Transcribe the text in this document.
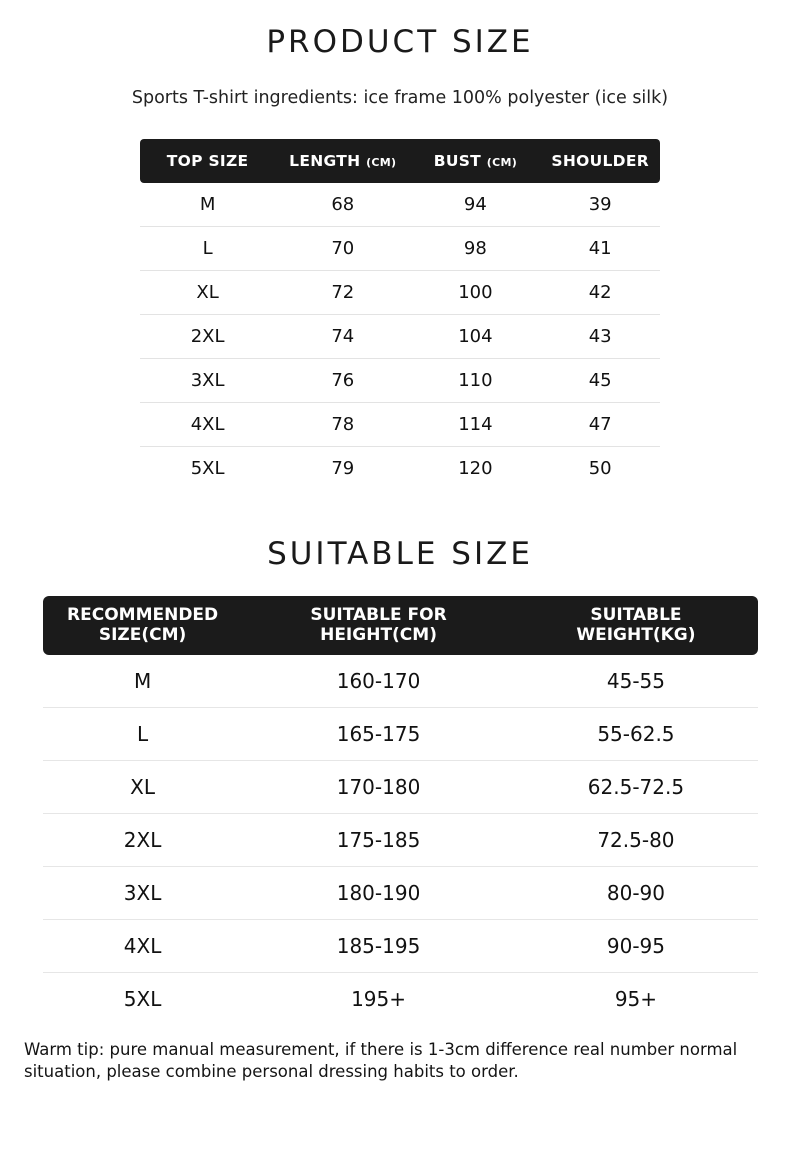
PRODUCT SIZE

Sports T-shirt ingredients: ice frame 100% polyester (ice silk)

TOP SIZE	LENGTH (CM)	BUST (CM)	SHOULDER
M	68	94	39
L	70	98	41
XL	72	100	42
2XL	74	104	43
3XL	76	110	45
4XL	78	114	47
5XL	79	120	50
SUITABLE SIZE
RECOMMENDED
SIZE(CM)

SUITABLE FOR
HEIGHT(CM)

SUITABLE
WEIGHT(KG)

M	160-170	45-55
L	165-175	55-62.5
XL	170-180	62.5-72.5
2XL	175-185	72.5-80
3XL	180-190	80-90
4XL	185-195	90-95
5XL	195+	95+

Warm tip: pure manual measurement, if there is 1-3cm difference real number normal situation, please combine personal dressing habits to order.
